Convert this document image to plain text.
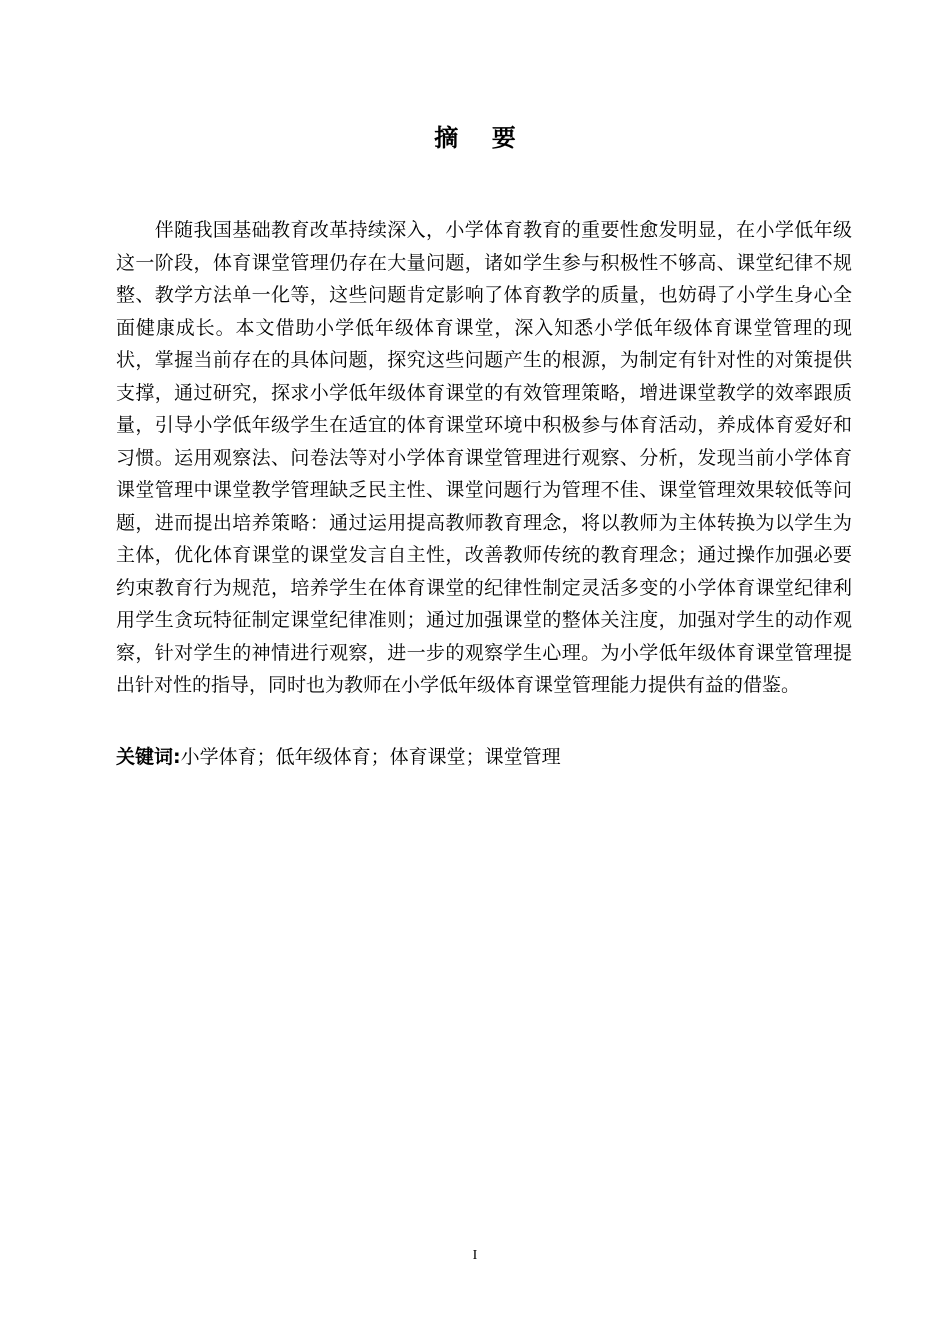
摘    要

　　伴随我国基础教育改革持续深入，小学体育教育的重要性愈发明显，在小学低年级这一阶段，体育课堂管理仍存在大量问题，诸如学生参与积极性不够高、课堂纪律不规整、教学方法单一化等，这些问题肯定影响了体育教学的质量，也妨碍了小学生身心全面健康成长。本文借助小学低年级体育课堂，深入知悉小学低年级体育课堂管理的现状，掌握当前存在的具体问题，探究这些问题产生的根源，为制定有针对性的对策提供支撑，通过研究，探求小学低年级体育课堂的有效管理策略，增进课堂教学的效率跟质量，引导小学低年级学生在适宜的体育课堂环境中积极参与体育活动，养成体育爱好和习惯。运用观察法、问卷法等对小学体育课堂管理进行观察、分析，发现当前小学体育课堂管理中课堂教学管理缺乏民主性、课堂问题行为管理不佳、课堂管理效果较低等问题，进而提出培养策略：通过运用提高教师教育理念，将以教师为主体转换为以学生为主体，优化体育课堂的课堂发言自主性，改善教师传统的教育理念；通过操作加强必要约束教育行为规范，培养学生在体育课堂的纪律性制定灵活多变的小学体育课堂纪律利用学生贪玩特征制定课堂纪律准则；通过加强课堂的整体关注度，加强对学生的动作观察，针对学生的神情进行观察，进一步的观察学生心理。为小学低年级体育课堂管理提出针对性的指导，同时也为教师在小学低年级体育课堂管理能力提供有益的借鉴。

关键词:小学体育；低年级体育；体育课堂；课堂管理
I
